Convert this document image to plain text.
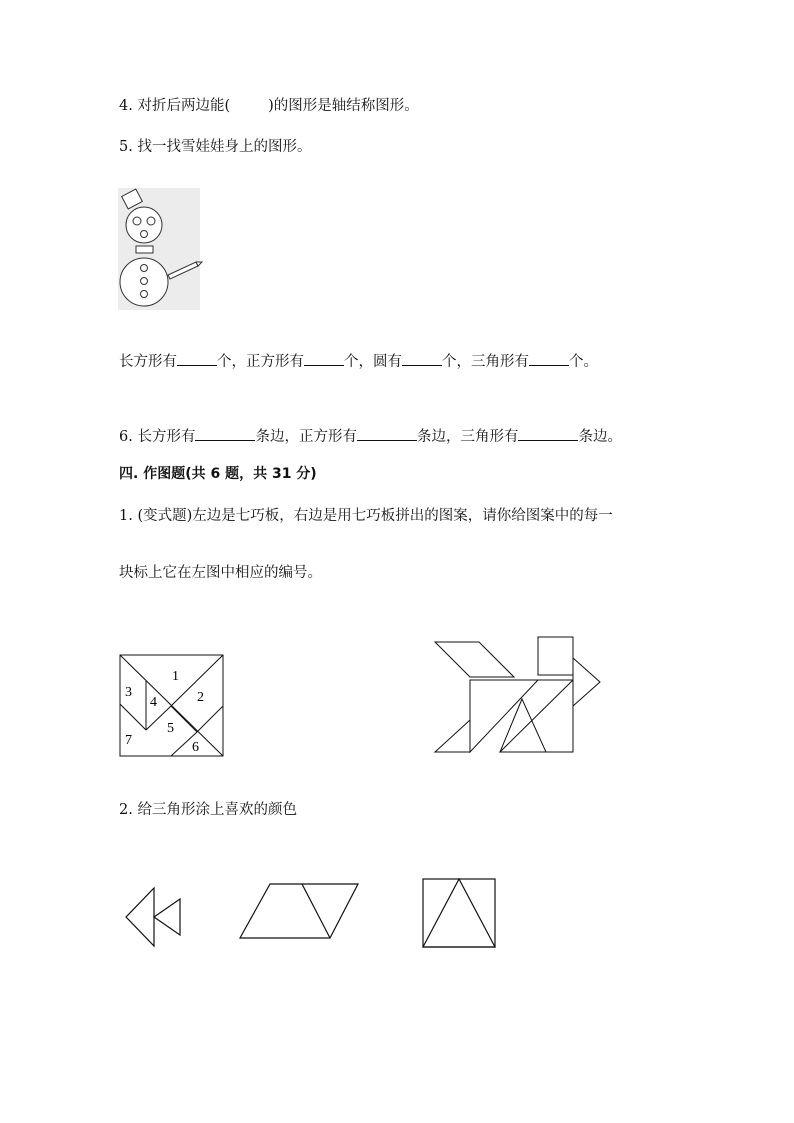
4. 对折后两边能(	)的图形是轴结称图形。
5. 找一找雪娃娃身上的图形。
长方形有	个，正方形有	个，圆有	个，三角形有	个。
6. 长方形有	条边，正方形有	条边，三角形有	条边。
四. 作图题(共 6 题，共 31 分)
1. (变式题)左边是七巧板，右边是用七巧板拼出的图案，请你给图案中的每一
块标上它在左图中相应的编号。
1
2
3
4
5
6
7
2. 给三角形涂上喜欢的颜色
